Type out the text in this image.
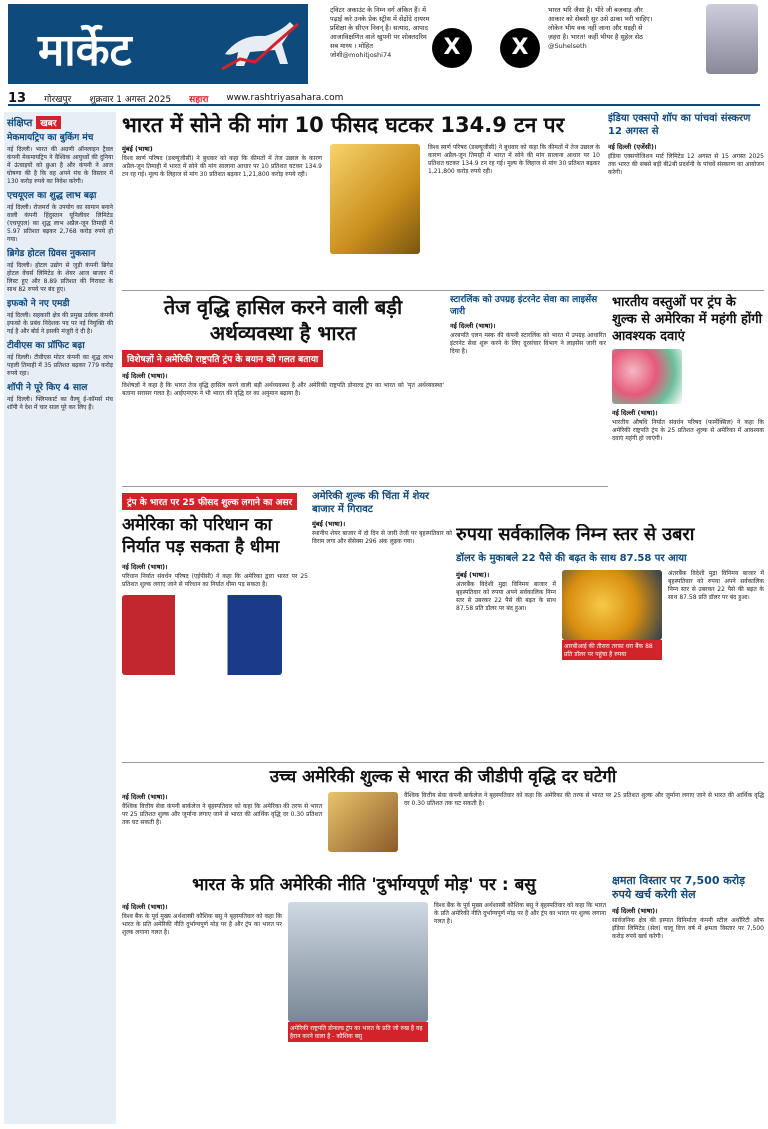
मार्केट
ट्विटर अकाउंट के निम्न वर्ग अंकित हैं। में पढ़ाई करे उनके प्रेक स्ट्रीस में सेंद्रोंदे दायरम प्रशिक्षा के सीएन निवन् है। सत्याद, आपाद आजाविक्षणित वाले खुपनी पर शोक्तदरिम सब माध्य । मोहित जोशी@mohitjoshi74	X	X
भारत भरि जैसा है। भीरे जी बजवाड़ और आकार को सेबसी सुर उसे ढाका भरी चाहिए। लोकेन भीय वक नहीं जाना और घड़ही से ज़हरा है। भारत! कहीं भीयर है सुहेल सेठ @Suhelseth
13 गोरखपुर शुक्रवार 1 अगस्त 2025 सहारा www.rashtriyasahara.com
संक्षिप्त खबर
मेकमायट्रिप का बुकिंग मंच

नई दिल्ली। भारत की अग्रणी ऑनलाइन ट्रैवल कंपनी मेकमायट्रिप ने वैश्विक आयुध्वों की दुनिया में ऊंचाइयों को छुआ है और कंपनी ने आज घोषणा की है कि वह अपने मंच के विस्तार में 130 करोड़ रुपये का निवेश करेगी।

एचयूएल का शुद्ध लाभ बढ़ा

नई दिल्ली। रोजमर्रा के उपयोग का सामान बनाने वाली कंपनी हिंदुस्तान यूनिलीवर लिमिटेड (एचयूएल) का शुद्ध लाभ अप्रैल-जून तिमाही में 5.97 प्रतिशत बढ़कर 2,768 करोड़ रुपये हो गया।

ब्रिगेड होटल ग्रिवस नुकसान

नई दिल्ली। होटल उद्योग से जुड़ी कंपनी ब्रिगेड होटल वेंचर्स लिमिटेड के शेयर आज बाजार में लिस्ट हुए और 8.89 प्रतिशत की गिरावट के साथ 82 रुपये पर बंद हुए।

इफको ने नए एमडी

नई दिल्ली। सहकारी क्षेत्र की प्रमुख उर्वरक कंपनी इफको के प्रबंध निदेशक पद पर नई नियुक्ति की गई है और बोर्ड ने इसकी मंजूरी दे दी है।

टीवीएस का प्रॉफिट बढ़ा

नई दिल्ली। टीवीएस मोटर कंपनी का शुद्ध लाभ पहली तिमाही में 35 प्रतिशत बढ़कर 779 करोड़ रुपये रहा।

शॉपी ने पूरे किए 4 साल

नई दिल्ली। फ्लिपकार्ट का वैल्यू ई-कॉमर्स मंच शॉपी ने देश में चार साल पूरे कर लिए हैं।

भारत में सोने की मांग 10 फीसद घटकर 134.9 टन पर
मुंबई (भाषा)
विश्व स्वर्ण परिषद (डब्ल्यूजीसी) ने बुधवार को कहा कि कीमतों में तेज उछाल के कारण अप्रैल-जून तिमाही में भारत में सोने की मांग सालाना आधार पर 10 प्रतिशत घटकर 134.9 टन रह गई। मूल्य के लिहाज से मांग 30 प्रतिशत बढ़कर 1,21,800 करोड़ रुपये रही।
विश्व स्वर्ण परिषद (डब्ल्यूजीसी) ने बुधवार को कहा कि कीमतों में तेज उछाल के कारण अप्रैल-जून तिमाही में भारत में सोने की मांग सालाना आधार पर 10 प्रतिशत घटकर 134.9 टन रह गई। मूल्य के लिहाज से मांग 30 प्रतिशत बढ़कर 1,21,800 करोड़ रुपये रही।
इंडिया एक्सपो शॉप का पांचवां संस्करण 12 अगस्त से
नई दिल्ली (एजेंसी)।
इंडिया एक्सपोजिशन मार्ट लिमिटेड 12 अगस्त से 15 अगस्त 2025 तक भारत की सबसे बड़ी बी2बी प्रदर्शनी के पांचवें संस्करण का आयोजन करेगी।
तेज वृद्धि हासिल करने वाली बड़ी अर्थव्यवस्था है भारत
विशेषज्ञों ने अमेरिकी राष्ट्रपति ट्रंप के बयान को गलत बताया
नई दिल्ली (भाषा)।
विशेषज्ञों ने कहा है कि भारत तेज वृद्धि हासिल करने वाली बड़ी अर्थव्यवस्था है और अमेरिकी राष्ट्रपति डोनाल्ड ट्रंप का भारत को 'मृत अर्थव्यवस्था' बताना सरासर गलत है। आईएमएफ ने भी भारत की वृद्धि दर का अनुमान बढ़ाया है।
स्टारलिंक को उपग्रह इंटरनेट सेवा का लाइसेंस जारी
नई दिल्ली (भाषा)।
अरबपति एलन मस्क की कंपनी स्टारलिंक को भारत में उपग्रह आधारित इंटरनेट सेवा शुरू करने के लिए दूरसंचार विभाग ने लाइसेंस जारी कर दिया है।
भारतीय वस्तुओं पर ट्रंप के शुल्क से अमेरिका में महंगी होंगी आवश्यक दवाएं
नई दिल्ली (भाषा)।
भारतीय औषधि निर्यात संवर्धन परिषद (फार्मेक्सिल) ने कहा कि अमेरिकी राष्ट्रपति ट्रंप के 25 प्रतिशत शुल्क से अमेरिका में आवश्यक दवाएं महंगी हो जाएंगी।
ट्रंप के भारत पर 25 फीसद शुल्क लगाने का असर
अमेरिका को परिधान का निर्यात पड़ सकता है धीमा
नई दिल्ली (भाषा)।
परिधान निर्यात संवर्धन परिषद (एईपीसी) ने कहा कि अमेरिका द्वारा भारत पर 25 प्रतिशत शुल्क लगाए जाने से परिधान का निर्यात धीमा पड़ सकता है।
अमेरिकी शुल्क की चिंता में शेयर बाजार में गिरावट
मुंबई (भाषा)।
स्थानीय शेयर बाजार में दो दिन से जारी तेजी पर बृहस्पतिवार को विराम लगा और सेंसेक्स 296 अंक लुढ़क गया।	रुपया सर्वकालिक निम्न स्तर से उबरा
डॉलर के मुकाबले 22 पैसे की बढ़त के साथ 87.58 पर आया
मुंबई (भाषा)।
अंतरबैंक विदेशी मुद्रा विनिमय बाजार में बृहस्पतिवार को रुपया अपने सर्वकालिक निम्न स्तर से उबरकर 22 पैसे की बढ़त के साथ 87.58 प्रति डॉलर पर बंद हुआ।
आरबीआई की तीसरा तरफ़ा धरा बैंक 88 प्रति डॉलर पर पहुंचा है रुपया
अंतरबैंक विदेशी मुद्रा विनिमय बाजार में बृहस्पतिवार को रुपया अपने सर्वकालिक निम्न स्तर से उबरकर 22 पैसे की बढ़त के साथ 87.58 प्रति डॉलर पर बंद हुआ।
उच्च अमेरिकी शुल्क से भारत की जीडीपी वृद्धि दर घटेगी
नई दिल्ली (भाषा)।
वैश्विक वित्तीय सेवा कंपनी बार्कलेज ने बृहस्पतिवार को कहा कि अमेरिका की तरफ से भारत पर 25 प्रतिशत शुल्क और जुर्माना लगाए जाने से भारत की आर्थिक वृद्धि दर 0.30 प्रतिशत तक घट सकती है।
वैश्विक वित्तीय सेवा कंपनी बार्कलेज ने बृहस्पतिवार को कहा कि अमेरिका की तरफ से भारत पर 25 प्रतिशत शुल्क और जुर्माना लगाए जाने से भारत की आर्थिक वृद्धि दर 0.30 प्रतिशत तक घट सकती है।
क्षमता विस्तार पर 7,500 करोड़ रुपये खर्च करेगी सेल
नई दिल्ली (भाषा)।
सार्वजनिक क्षेत्र की इस्पात विनिर्माता कंपनी स्टील अथॉरिटी ऑफ इंडिया लिमिटेड (सेल) चालू वित्त वर्ष में क्षमता विस्तार पर 7,500 करोड़ रुपये खर्च करेगी।
भारत के प्रति अमेरिकी नीति 'दुर्भाग्यपूर्ण मोड़' पर : बसु
नई दिल्ली (भाषा)।
विश्व बैंक के पूर्व मुख्य अर्थशास्त्री कौशिक बसु ने बृहस्पतिवार को कहा कि भारत के प्रति अमेरिकी नीति दुर्भाग्यपूर्ण मोड़ पर है और ट्रंप का भारत पर शुल्क लगाना गलत है।
अमेरिकी राष्ट्रपति डोनाल्ड ट्रंप का भारत के प्रति जो रुख है वह हैरान करने वाला है - कौशिक बसु
विश्व बैंक के पूर्व मुख्य अर्थशास्त्री कौशिक बसु ने बृहस्पतिवार को कहा कि भारत के प्रति अमेरिकी नीति दुर्भाग्यपूर्ण मोड़ पर है और ट्रंप का भारत पर शुल्क लगाना गलत है।
